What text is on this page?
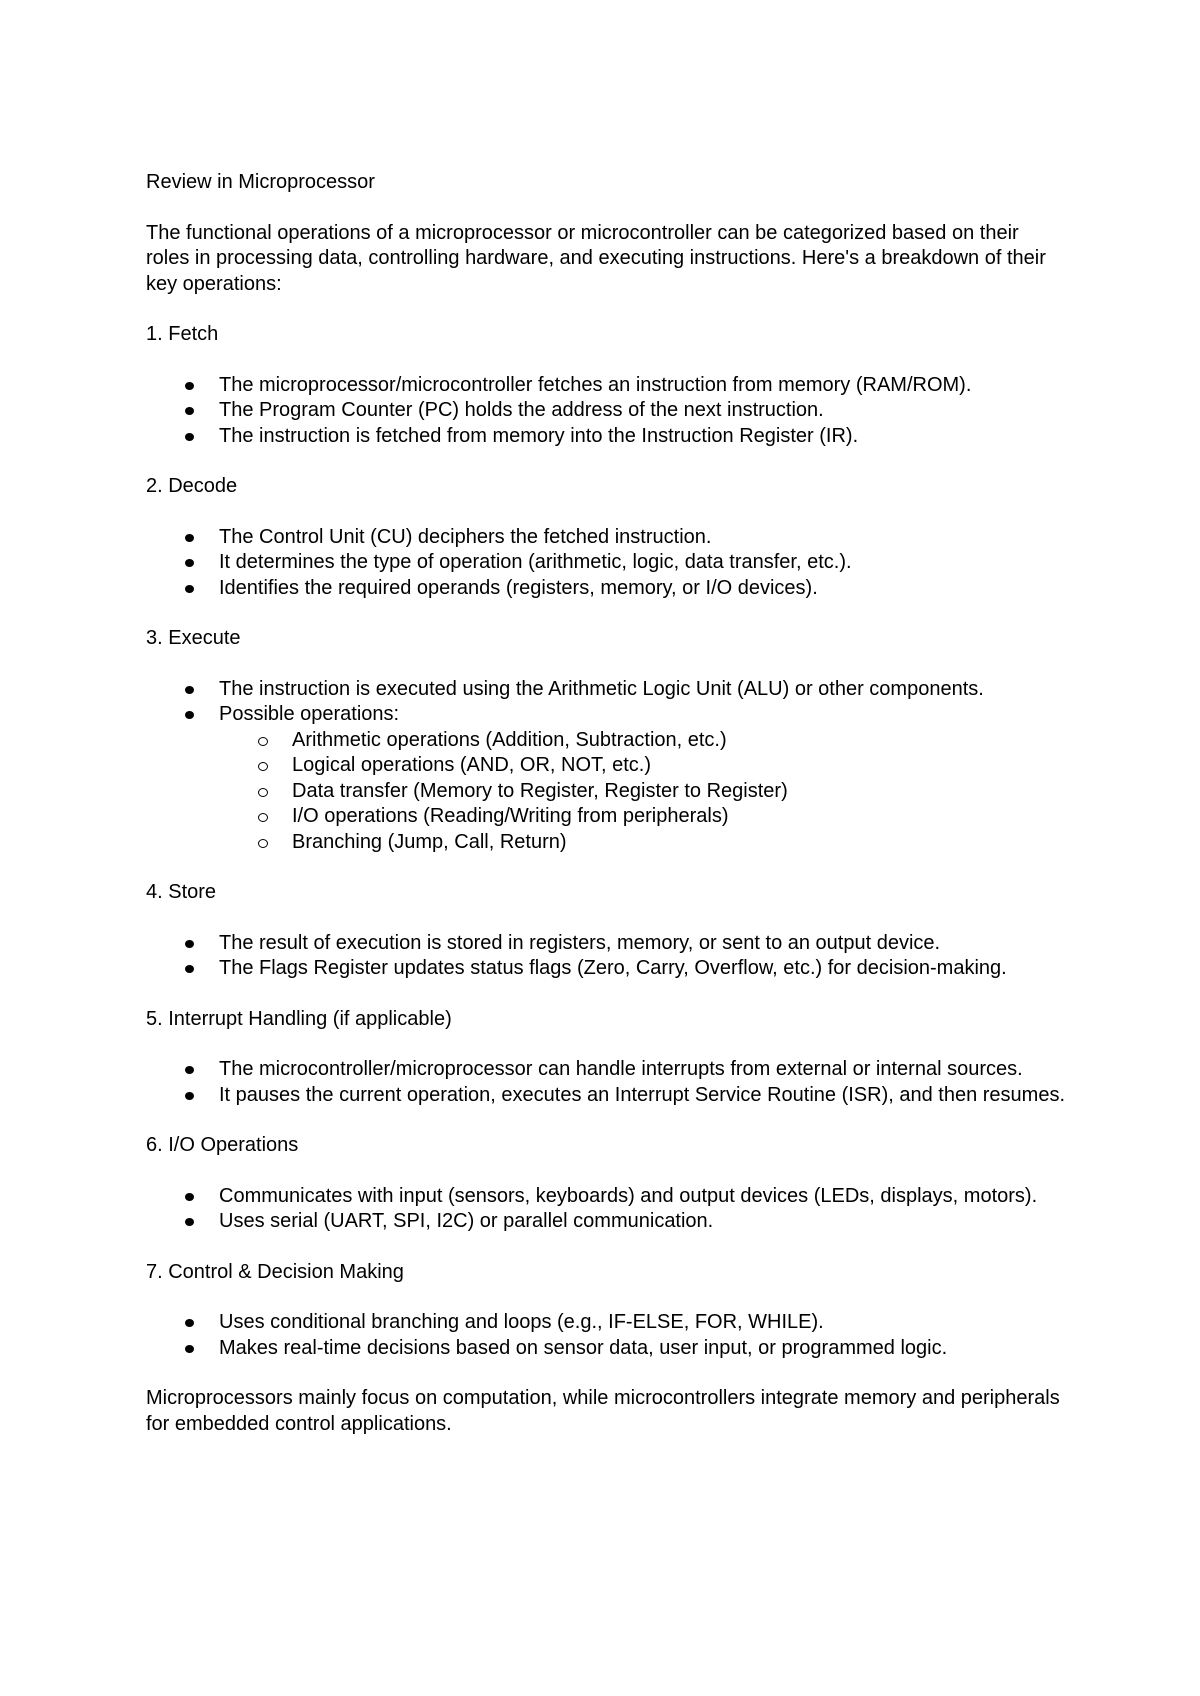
Review in Microprocessor

The functional operations of a microprocessor or microcontroller can be categorized based on their roles in processing data, controlling hardware, and executing instructions. Here's a breakdown of their key operations:

1. Fetch

The microprocessor/microcontroller fetches an instruction from memory (RAM/ROM).
The Program Counter (PC) holds the address of the next instruction.
The instruction is fetched from memory into the Instruction Register (IR).

2. Decode

The Control Unit (CU) deciphers the fetched instruction.
It determines the type of operation (arithmetic, logic, data transfer, etc.).
Identifies the required operands (registers, memory, or I/O devices).

3. Execute

The instruction is executed using the Arithmetic Logic Unit (ALU) or other components.
Possible operations:
Arithmetic operations (Addition, Subtraction, etc.)
Logical operations (AND, OR, NOT, etc.)
Data transfer (Memory to Register, Register to Register)
I/O operations (Reading/Writing from peripherals)
Branching (Jump, Call, Return)

4. Store

The result of execution is stored in registers, memory, or sent to an output device.
The Flags Register updates status flags (Zero, Carry, Overflow, etc.) for decision-making.

5. Interrupt Handling (if applicable)

The microcontroller/microprocessor can handle interrupts from external or internal sources.
It pauses the current operation, executes an Interrupt Service Routine (ISR), and then resumes.

6. I/O Operations

Communicates with input (sensors, keyboards) and output devices (LEDs, displays, motors).
Uses serial (UART, SPI, I2C) or parallel communication.

7. Control & Decision Making

Uses conditional branching and loops (e.g., IF-ELSE, FOR, WHILE).
Makes real-time decisions based on sensor data, user input, or programmed logic.

Microprocessors mainly focus on computation, while microcontrollers integrate memory and peripherals for embedded control applications.
